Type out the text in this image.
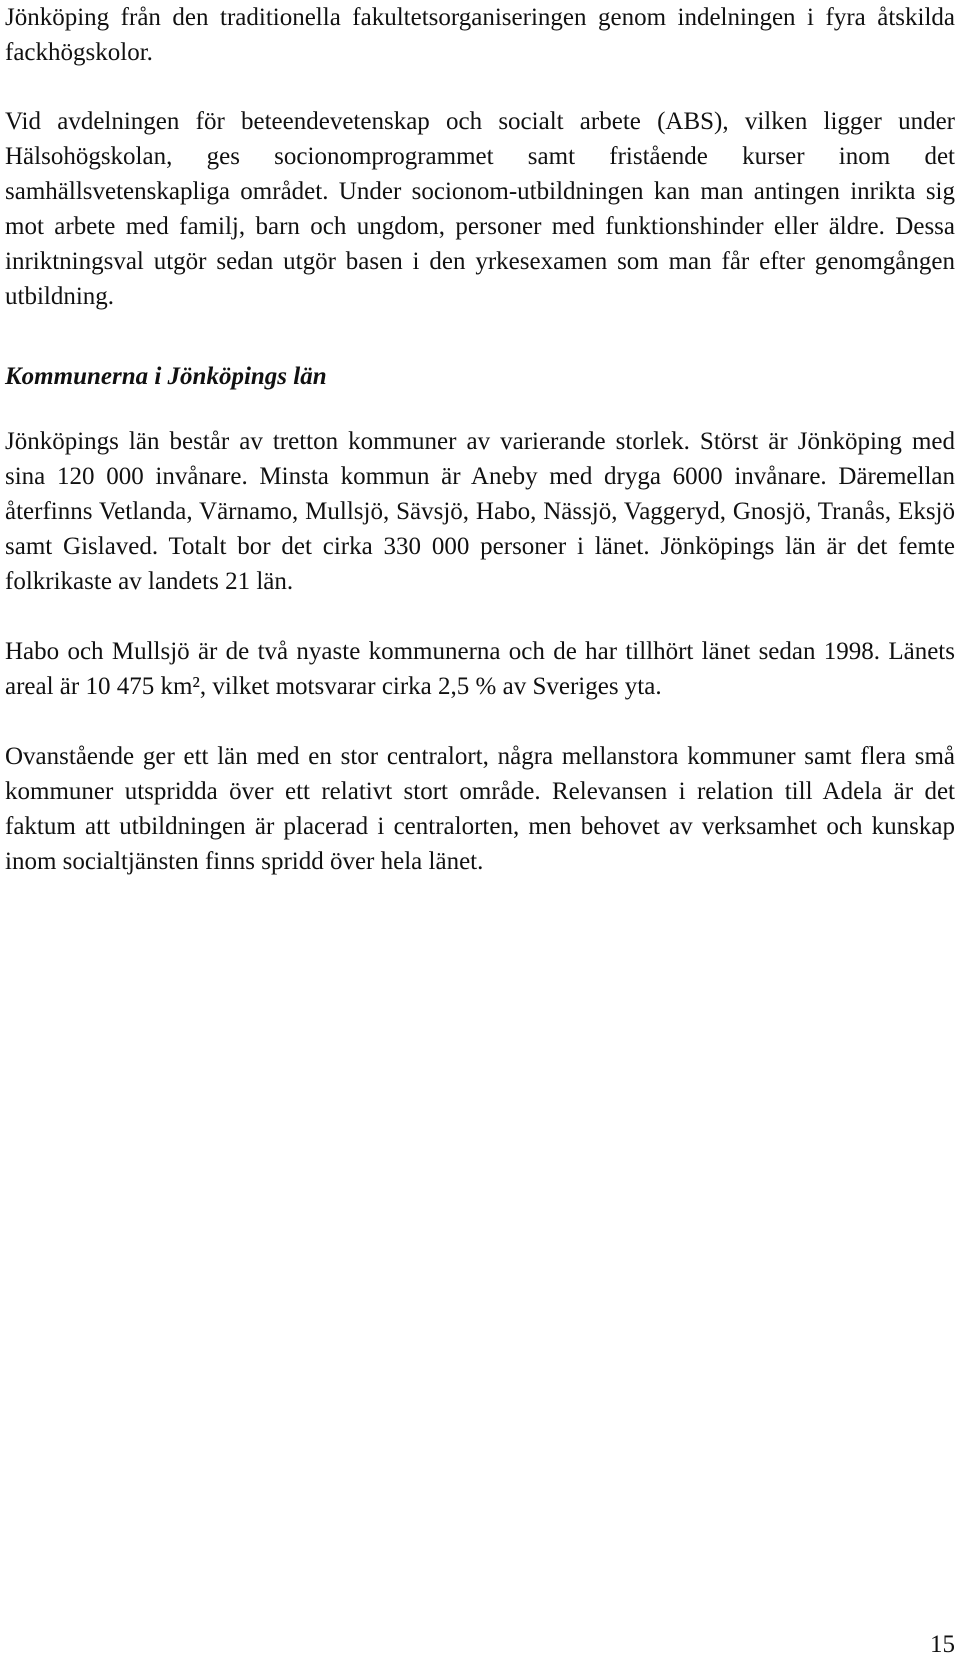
Jönköping från den traditionella fakultetsorganiseringen genom indelningen i fyra åtskilda fackhögskolor.

Vid avdelningen för beteendevetenskap och socialt arbete (ABS), vilken ligger under Hälsohögskolan, ges socionomprogrammet samt fristående kurser inom det samhällsvetenskapliga området. Under socionom-utbildningen kan man antingen inrikta sig mot arbete med familj, barn och ungdom, personer med funktionshinder eller äldre. Dessa inriktningsval utgör sedan utgör basen i den yrkesexamen som man får efter genomgången utbildning.

Kommunerna i Jönköpings län

Jönköpings län består av tretton kommuner av varierande storlek. Störst är Jönköping med sina 120 000 invånare. Minsta kommun är Aneby med dryga 6000 invånare. Däremellan återfinns Vetlanda, Värnamo, Mullsjö, Sävsjö, Habo, Nässjö, Vaggeryd, Gnosjö, Tranås, Eksjö samt Gislaved. Totalt bor det cirka 330 000 personer i länet. Jönköpings län är det femte folkrikaste av landets 21 län.

Habo och Mullsjö är de två nyaste kommunerna och de har tillhört länet sedan 1998. Länets areal är 10 475 km², vilket motsvarar cirka 2,5 % av Sveriges yta.

Ovanstående ger ett län med en stor centralort, några mellanstora kommuner samt flera små kommuner utspridda över ett relativt stort område. Relevansen i relation till Adela är det faktum att utbildningen är placerad i centralorten, men behovet av verksamhet och kunskap inom socialtjänsten finns spridd över hela länet.

15
